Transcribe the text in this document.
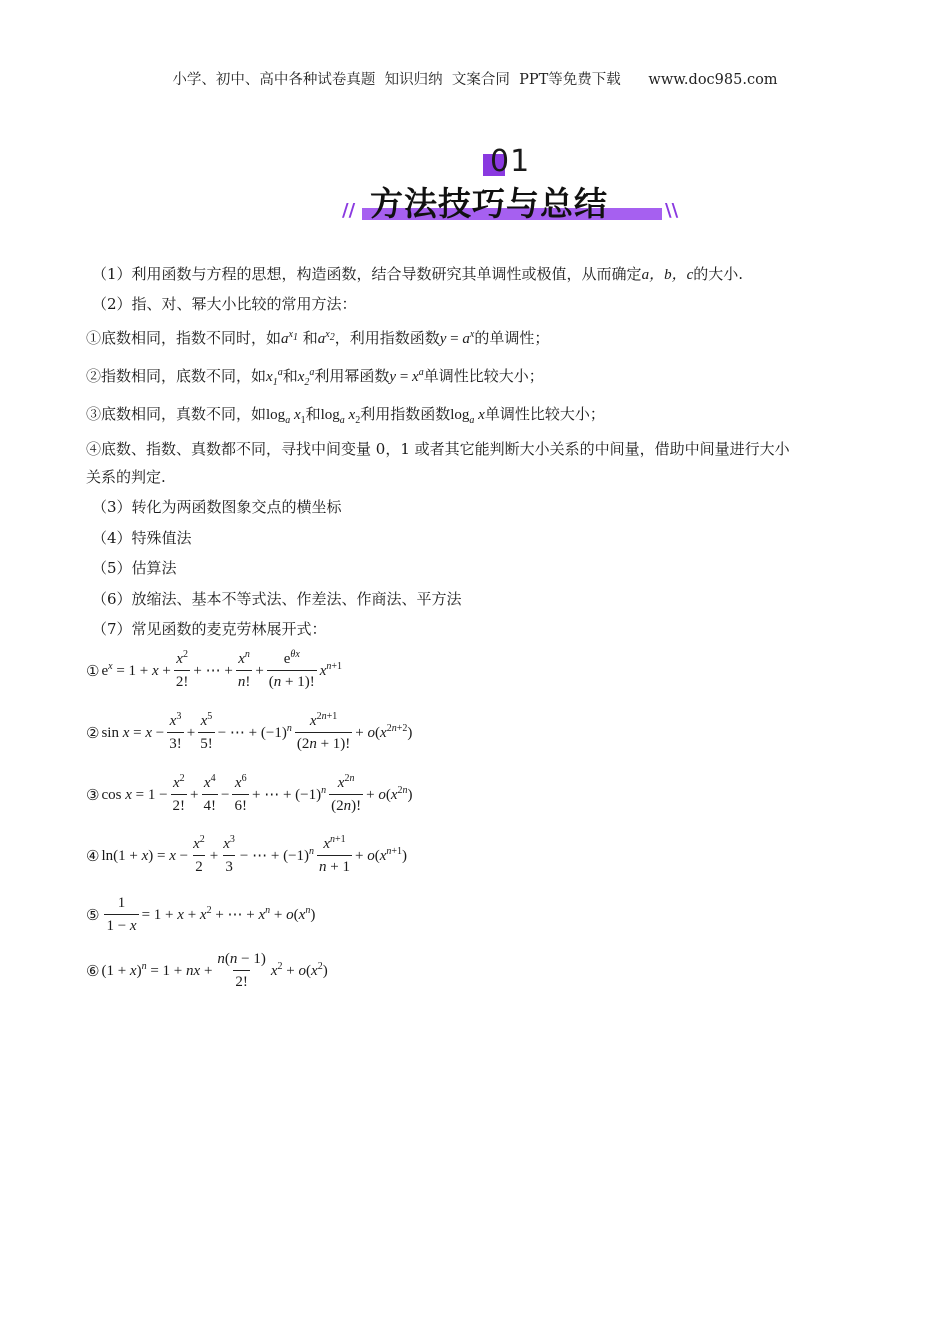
小学、初中、高中各种试卷真题  知识归纳  文案合同  PPT等免费下载      www.doc985.com
01
方法技巧与总结
//	\\
（1）利用函数与方程的思想，构造函数，结合导数研究其单调性或极值，从而确定a，b，c的大小.
（2）指、对、幂大小比较的常用方法：
①底数相同，指数不同时，如$a^{x_1}$ 和$a^{x_2}$，利用指数函数$y = a^x$的单调性；
②指数相同，底数不同，如$x_1^a$和$x_2^a$利用幂函数$y = x^a$单调性比较大小；
③底数相同，真数不同，如$\log_a x_1$和$\log_a x_2$利用指数函数$\log_a x$单调性比较大小；
④底数、指数、真数都不同，寻找中间变量 0，1 或者其它能判断大小关系的中间量，借助中间量进行大小
关系的判定.
（3）转化为两函数图象交点的横坐标
（4）特殊值法
（5）估算法
（6）放缩法、基本不等式法、作差法、作商法、平方法
（7）常见函数的麦克劳林展开式：
① $e^x = 1 + x + \frac{x^2}{2!}$ + ⋯ + $\frac{x^n}{n!} + \frac{e^{\theta x}}{(n + 1)!} x^{n+1}$
② $\sin x = x - \frac{x^3}{3!} + \frac{x^5}{5!}$ − ⋯ + $(-1)^n \frac{x^{2n+1}}{(2n + 1)!} + o(x^{2n+2})$
③ $\cos x = 1 - \frac{x^2}{2!} + \frac{x^4}{4!} - \frac{x^6}{6!}$ + ⋯ + $(-1)^n \frac{x^{2n}}{(2n)!} + o(x^{2n})$
④ $\ln(1 + x) = x - \frac{x^2}{2} + \frac{x^3}{3}$ − ⋯ + $(-1)^n \frac{x^{n+1}}{n + 1} + o(x^{n+1})$
⑤ $\frac{1}{1 - x} = 1 + x + x^2$ + ⋯ + $x^n + o(x^n)$
⑥ $(1 + x)^n = 1$ + nx + $\frac{n(n - 1)}{2!} x^2 + o(x^2)$
